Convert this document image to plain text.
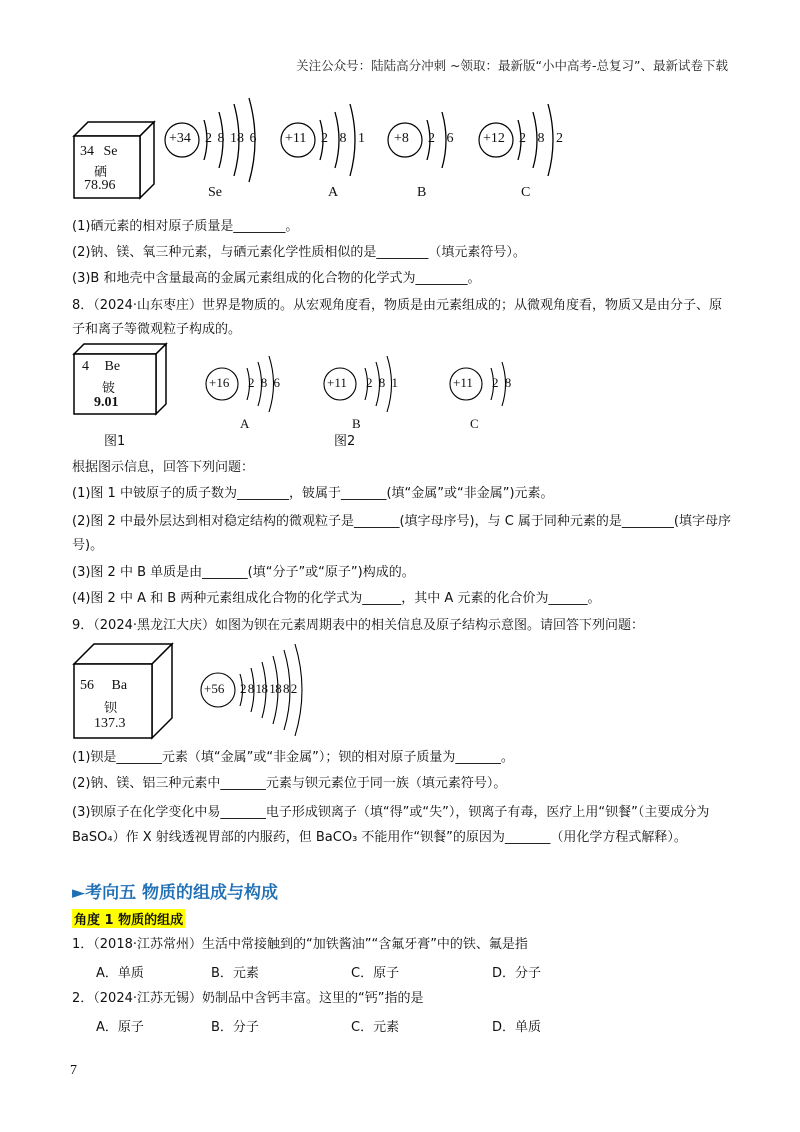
关注公众号：陆陆高分冲刺 ~领取：最新版“小中高考-总复习”、最新试卷下载
34 Se
硒
78.96
+34 2 8 18 6
Se
+11 2 8 1
A
+8 2 6
B
+12 2 8 2
C
(1)硒元素的相对原子质量是________。
(2)钠、镁、氧三种元素，与硒元素化学性质相似的是________（填元素符号）。
(3)B 和地壳中含量最高的金属元素组成的化合物的化学式为________。
8．（2024·山东枣庄）世界是物质的。从宏观角度看，物质是由元素组成的；从微观角度看，物质又是由分子、原子和离子等微观粒子构成的。
4 Be
铍
9.01
图1	图2
+16 2 8 6
A
+11 2 8 1
B
+11 2 8
C
根据图示信息，回答下列问题：
(1)图 1 中铍原子的质子数为________，铍属于_______(填“金属”或“非金属”)元素。
(2)图 2 中最外层达到相对稳定结构的微观粒子是_______(填字母序号)，与 C 属于同种元素的是________(填字母序号)。
(3)图 2 中 B 单质是由_______(填“分子”或“原子”)构成的。
(4)图 2 中 A 和 B 两种元素组成化合物的化学式为______，其中 A 元素的化合价为______。
9．（2024·黑龙江大庆）如图为钡在元素周期表中的相关信息及原子结构示意图。请回答下列问题：
56 Ba
钡
137.3
+56 2 8 18 18 8 2
(1)钡是_______元素（填“金属”或“非金属”）；钡的相对原子质量为_______。
(2)钠、镁、铝三种元素中_______元素与钡元素位于同一族（填元素符号）。
(3)钡原子在化学变化中易_______电子形成钡离子（填“得”或“失”），钡离子有毒，医疗上用“钡餐”（主要成分为 BaSO₄）作 X 射线透视胃部的内服药，但 BaCO₃ 不能用作“钡餐”的原因为_______（用化学方程式解释）。
►考向五 物质的组成与构成
角度 1 物质的组成
1．（2018·江苏常州）生活中常接触到的“加铁酱油”“含氟牙膏”中的铁、氟是指
A．单质	B．元素	C．原子	D．分子
2．（2024·江苏无锡）奶制品中含钙丰富。这里的“钙”指的是
A．原子	B．分子	C．元素	D．单质
7
